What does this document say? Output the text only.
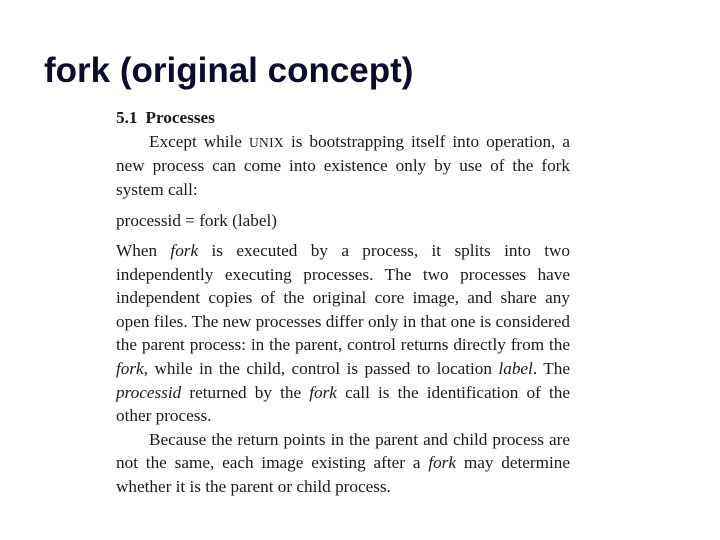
fork (original concept)
5.1 Processes

Except while UNIX is bootstrapping itself into operation, a new process can come into existence only by use of the fork system call:

processid = fork (label)

When fork is executed by a process, it splits into two independently executing processes. The two processes have independent copies of the original core image, and share any open files. The new processes differ only in that one is considered the parent process: in the parent, control returns directly from the fork, while in the child, control is passed to location label. The processid returned by the fork call is the identification of the other process.

Because the return points in the parent and child process are not the same, each image existing after a fork may determine whether it is the parent or child process.
